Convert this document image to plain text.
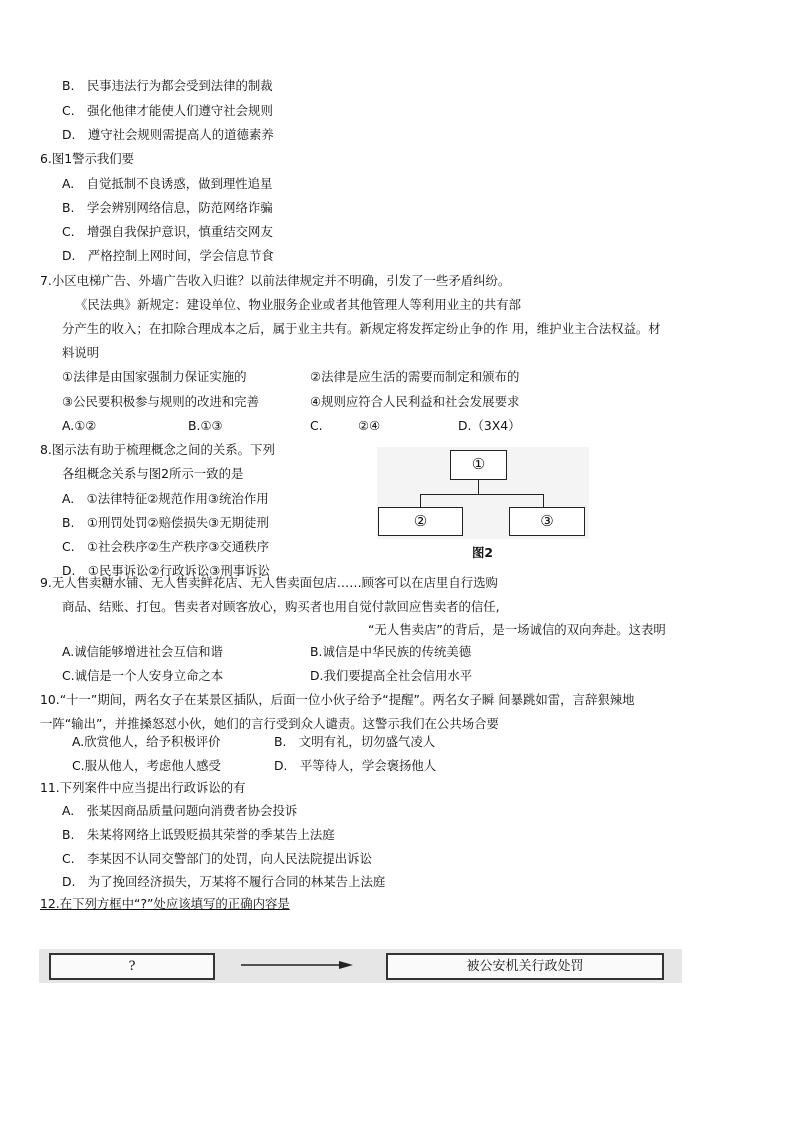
B.　民事违法行为都会受到法律的制裁
C.　强化他律才能使人们遵守社会规则
D.　遵守社会规则需提高人的道德素养
6.图1警示我们要
A.　自觉抵制不良诱惑，做到理性追星
B.　学会辨别网络信息，防范网络诈骗
C.　增强自我保护意识，慎重结交网友
D.　严格控制上网时间，学会信息节食
7.小区电梯广告、外墙广告收入归谁？以前法律规定并不明确，引发了一些矛盾纠纷。
《民法典》新规定：建设单位、物业服务企业或者其他管理人等利用业主的共有部
分产生的收入；在扣除合理成本之后，属于业主共有。新规定将发挥定纷止争的作 用，维护业主合法权益。材
料说明
①法律是由国家强制力保证实施的	②法律是应生活的需要而制定和颁布的
③公民要积极参与规则的改进和完善	④规则应符合人民利益和社会发展要求
A.①②	B.①③	C.	②④	D.（3X4）
8.图示法有助于梳理概念之间的关系。下列
各组概念关系与图2所示一致的是
A.　①法律特征②规范作用③统治作用
B.　①刑罚处罚②赔偿损失③无期徒刑
C.　①社会秩序②生产秩序③交通秩序
D.　①民事诉讼②行政诉讼③刑事诉讼
①
②	③
图2
9.无人售卖糖水铺、无人售卖鲜花店、无人售卖面包店……顾客可以在店里自行选购
商品、结账、打包。售卖者对顾客放心，购买者也用自觉付款回应售卖者的信任,
“无人售卖店”的背后，是一场诚信的双向奔赴。这表明
A.诚信能够增进社会互信和谐	B.诚信是中华民族的传统美德
C.诚信是一个人安身立命之本	D.我们要提高全社会信用水平
10.“十一”期间，两名女子在某景区插队，后面一位小伙子给予“提醒”。两名女子瞬 间暴跳如雷，言辞狠辣地
一阵“输出”，并推搡怒怼小伙，她们的言行受到众人谴责。这警示我们在公共场合要
A.欣赏他人，给予积极评价	B.　文明有礼，切勿盛气凌人
C.服从他人，考虑他人感受	D.　平等待人，学会褒扬他人
11.下列案件中应当提出行政诉讼的有
A.　张某因商品质量问题向消费者协会投诉
B.　朱某将网络上诋毁贬损其荣誉的季某告上法庭
C.　李某因不认同交警部门的处罚，向人民法院提出诉讼
D.　为了挽回经济损失，万某将不履行合同的林某告上法庭
12.在下列方框中“?”处应该填写的正确内容是
?	被公安机关行政处罚
